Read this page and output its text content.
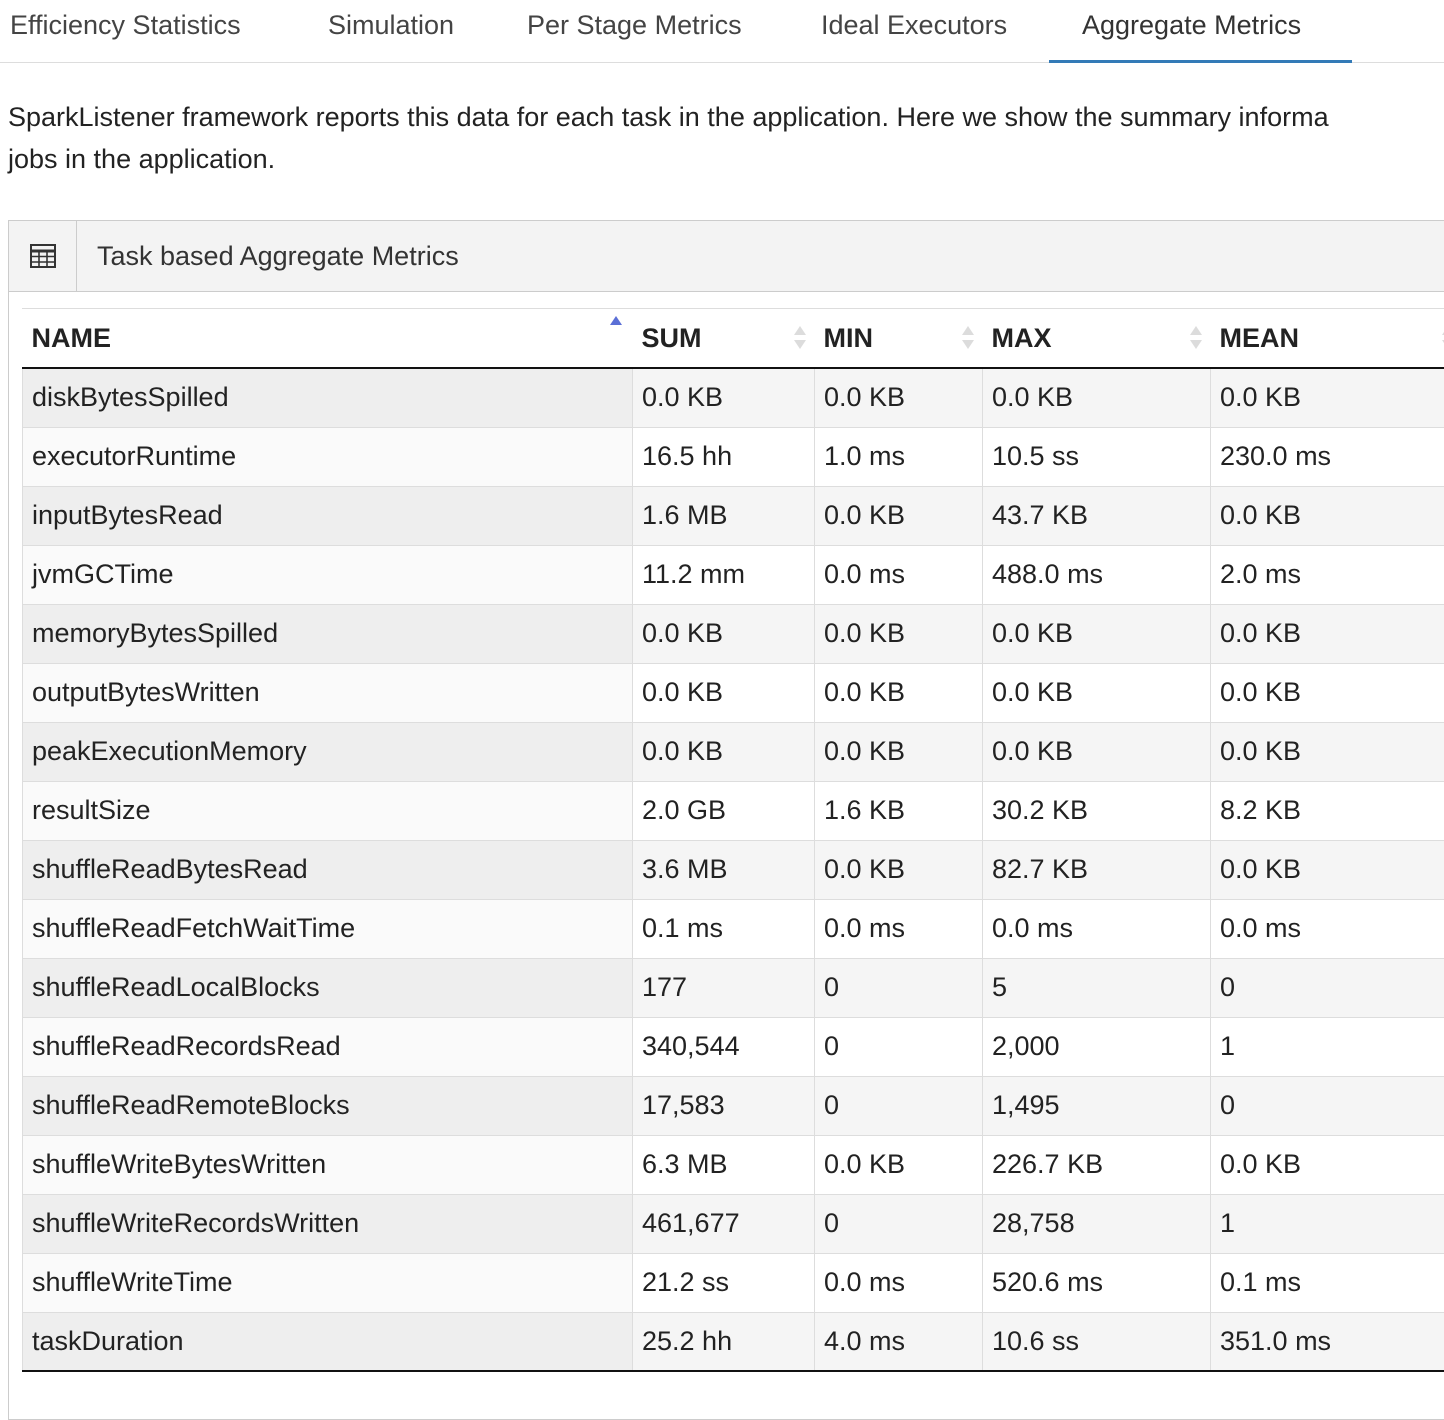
Efficiency Statistics	Simulation	Per Stage Metrics	Ideal Executors	Aggregate Metrics
SparkListener framework reports this data for each task in the application. Here we show the summary informa
jobs in the application.
Task based Aggregate Metrics
NAME	SUM	MIN	MAX	MEAN

diskBytesSpilled	0.0 KB	0.0 KB	0.0 KB	0.0 KB
executorRuntime	16.5 hh	1.0 ms	10.5 ss	230.0 ms
inputBytesRead	1.6 MB	0.0 KB	43.7 KB	0.0 KB
jvmGCTime	11.2 mm	0.0 ms	488.0 ms	2.0 ms
memoryBytesSpilled	0.0 KB	0.0 KB	0.0 KB	0.0 KB
outputBytesWritten	0.0 KB	0.0 KB	0.0 KB	0.0 KB
peakExecutionMemory	0.0 KB	0.0 KB	0.0 KB	0.0 KB
resultSize	2.0 GB	1.6 KB	30.2 KB	8.2 KB
shuffleReadBytesRead	3.6 MB	0.0 KB	82.7 KB	0.0 KB
shuffleReadFetchWaitTime	0.1 ms	0.0 ms	0.0 ms	0.0 ms
shuffleReadLocalBlocks	177	0	5	0
shuffleReadRecordsRead	340,544	0	2,000	1
shuffleReadRemoteBlocks	17,583	0	1,495	0
shuffleWriteBytesWritten	6.3 MB	0.0 KB	226.7 KB	0.0 KB
shuffleWriteRecordsWritten	461,677	0	28,758	1
shuffleWriteTime	21.2 ss	0.0 ms	520.6 ms	0.1 ms
taskDuration	25.2 hh	4.0 ms	10.6 ss	351.0 ms
